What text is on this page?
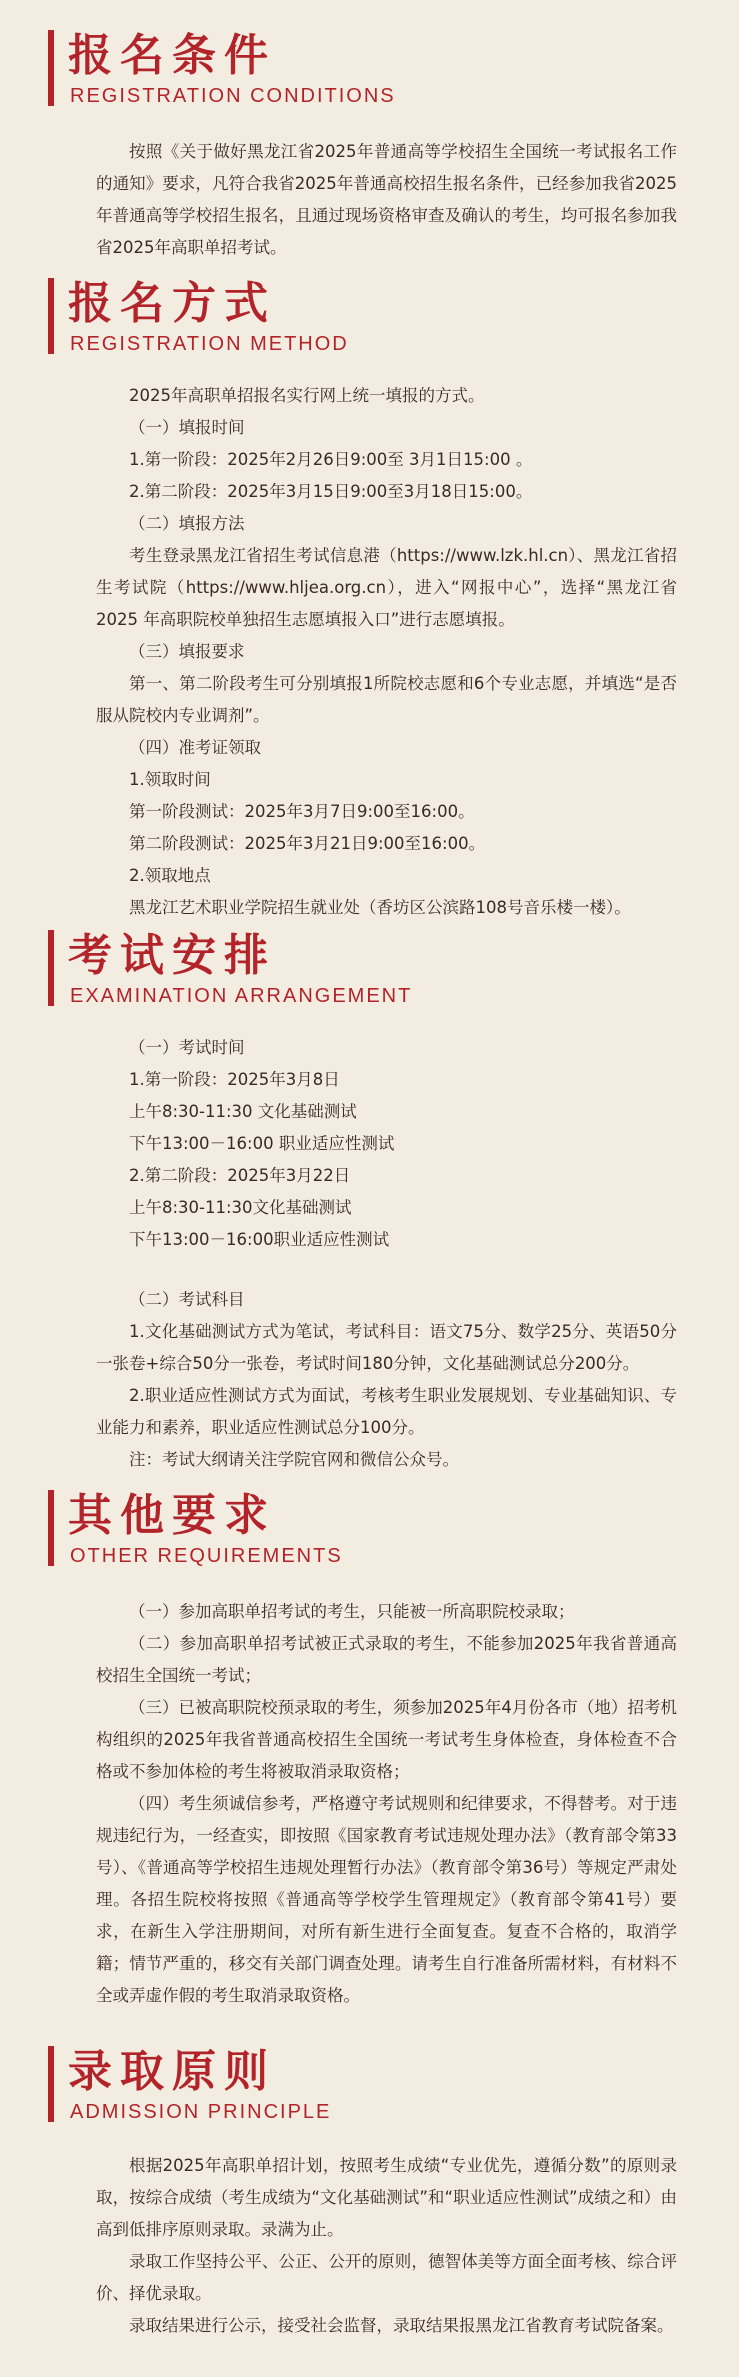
报名条件
REGISTRATION CONDITIONS

按照《关于做好黑龙江省2025年普通高等学校招生全国统一考试报名工作的通知》要求，凡符合我省2025年普通高校招生报名条件，已经参加我省2025年普通高等学校招生报名，且通过现场资格审查及确认的考生，均可报名参加我省2025年高职单招考试。

报名方式
REGISTRATION METHOD

2025年高职单招报名实行网上统一填报的方式。

（一）填报时间

1.第一阶段：2025年2月26日9:00至 3月1日15:00 。

2.第二阶段：2025年3月15日9:00至3月18日15:00。

（二）填报方法

考生登录黑龙江省招生考试信息港（https://www.lzk.hl.cn）、黑龙江省招生考试院（https://www.hljea.org.cn），进入“网报中心”，选择“黑龙江省 2025 年高职院校单独招生志愿填报入口”进行志愿填报。

（三）填报要求

第一、第二阶段考生可分别填报1所院校志愿和6个专业志愿，并填选“是否服从院校内专业调剂”。

（四）准考证领取

1.领取时间

第一阶段测试：2025年3月7日9:00至16:00。

第二阶段测试：2025年3月21日9:00至16:00。

2.领取地点

黑龙江艺术职业学院招生就业处（香坊区公滨路108号音乐楼一楼）。

考试安排
EXAMINATION ARRANGEMENT

（一）考试时间

1.第一阶段：2025年3月8日

上午8:30-11:30 文化基础测试

下午13:00－16:00 职业适应性测试

2.第二阶段：2025年3月22日

上午8:30-11:30文化基础测试

下午13:00－16:00职业适应性测试

（二）考试科目

1.文化基础测试方式为笔试，考试科目：语文75分、数学25分、英语50分一张卷+综合50分一张卷，考试时间180分钟，文化基础测试总分200分。

2.职业适应性测试方式为面试，考核考生职业发展规划、专业基础知识、专业能力和素养，职业适应性测试总分100分。

注：考试大纲请关注学院官网和微信公众号。

其他要求
OTHER REQUIREMENTS

（一）参加高职单招考试的考生，只能被一所高职院校录取；

（二）参加高职单招考试被正式录取的考生，不能参加2025年我省普通高校招生全国统一考试；

（三）已被高职院校预录取的考生，须参加2025年4月份各市（地）招考机构组织的2025年我省普通高校招生全国统一考试考生身体检查，身体检查不合格或不参加体检的考生将被取消录取资格；

（四）考生须诚信参考，严格遵守考试规则和纪律要求，不得替考。对于违规违纪行为，一经查实，即按照《国家教育考试违规处理办法》（教育部令第33号）、《普通高等学校招生违规处理暂行办法》（教育部令第36号）等规定严肃处理。各招生院校将按照《普通高等学校学生管理规定》（教育部令第41号）要求，在新生入学注册期间，对所有新生进行全面复查。复查不合格的，取消学籍；情节严重的，移交有关部门调查处理。请考生自行准备所需材料，有材料不全或弄虚作假的考生取消录取资格。

录取原则
ADMISSION PRINCIPLE

根据2025年高职单招计划，按照考生成绩“专业优先，遵循分数”的原则录取，按综合成绩（考生成绩为“文化基础测试”和“职业适应性测试”成绩之和）由高到低排序原则录取。录满为止。

录取工作坚持公平、公正、公开的原则，德智体美等方面全面考核、综合评价、择优录取。

录取结果进行公示，接受社会监督，录取结果报黑龙江省教育考试院备案。
